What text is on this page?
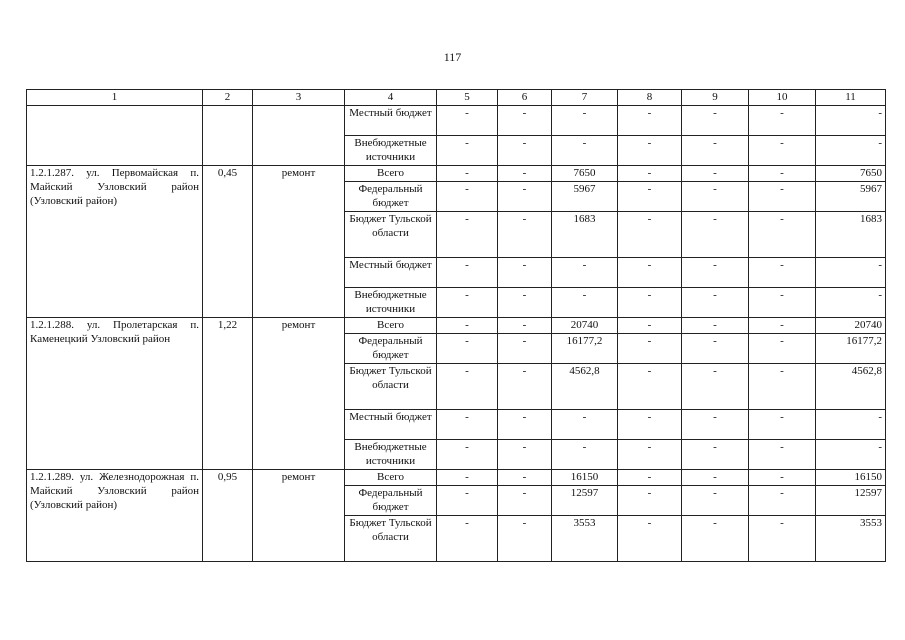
117
1	2	3	4	5	6	7	8	9	10	11
			Местный бюджет	-	-	-	-	-	-	-
			Внебюджетные источники	-	-	-	-	-	-	-
1.2.1.287. ул. Первомайская п. Майский Узловский район (Узловский район)	0,45	ремонт	Всего	-	-	7650	-	-	-	7650
			Федеральный бюджет	-	-	5967	-	-	-	5967
			Бюджет Тульской области	-	-	1683	-	-	-	1683
			Местный бюджет	-	-	-	-	-	-	-
			Внебюджетные источники	-	-	-	-	-	-	-
1.2.1.288. ул. Пролетарская п. Каменецкий Узловский район	1,22	ремонт	Всего	-	-	20740	-	-	-	20740
			Федеральный бюджет	-	-	16177,2	-	-	-	16177,2
			Бюджет Тульской области	-	-	4562,8	-	-	-	4562,8
			Местный бюджет	-	-	-	-	-	-	-
			Внебюджетные источники	-	-	-	-	-	-	-
1.2.1.289. ул. Железнодорожная п. Майский Узловский район (Узловский район)	0,95	ремонт	Всего	-	-	16150	-	-	-	16150
			Федеральный бюджет	-	-	12597	-	-	-	12597
			Бюджет Тульской области	-	-	3553	-	-	-	3553
